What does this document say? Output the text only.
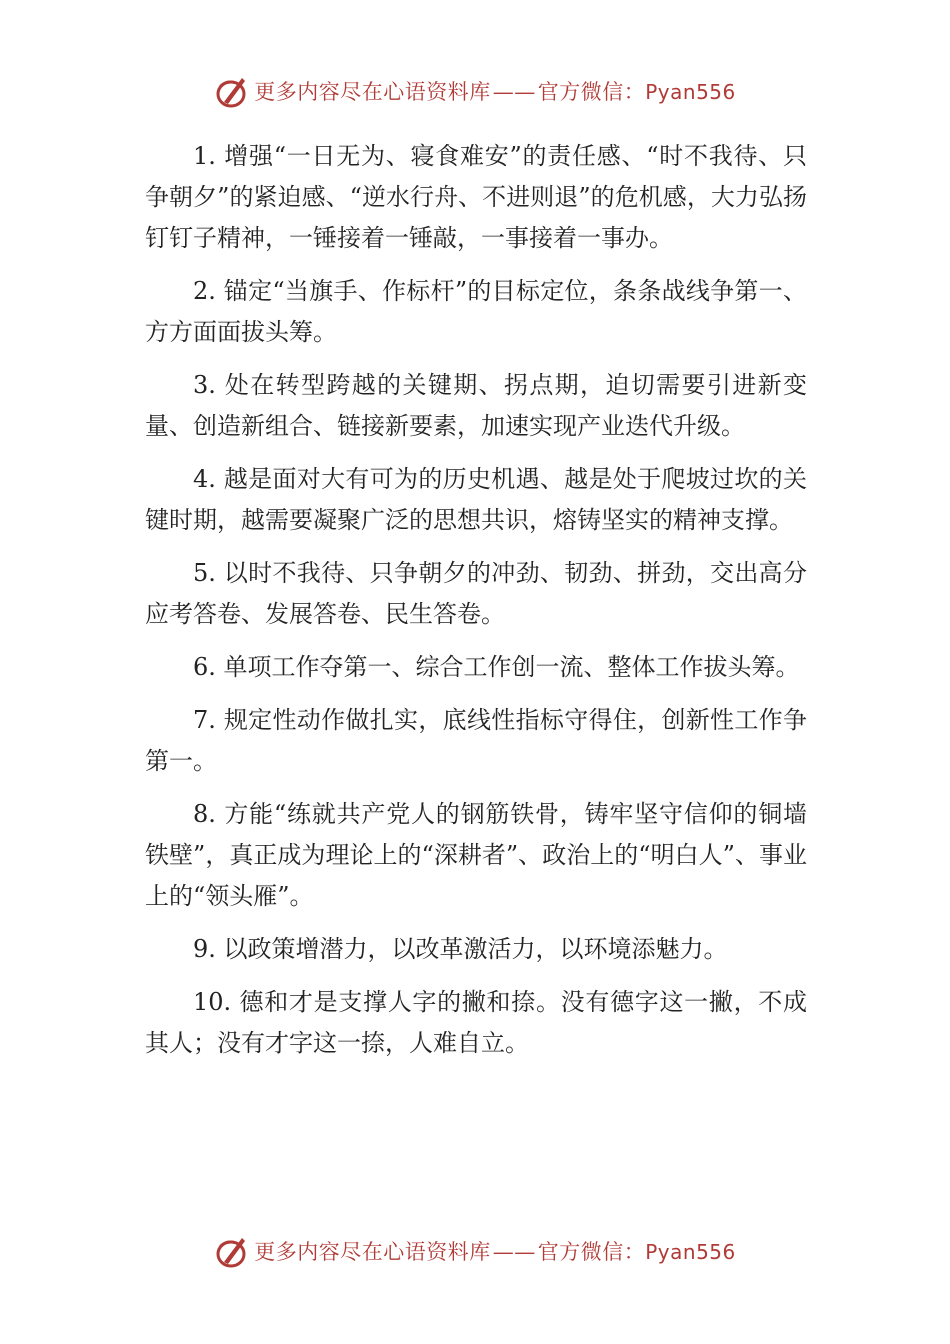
更多内容尽在心语资料库——官方微信：Pyan556

1. 增强“一日无为、寝食难安”的责任感、“时不我待、只争朝夕”的紧迫感、“逆水行舟、不进则退”的危机感，大力弘扬钉钉子精神，一锤接着一锤敲，一事接着一事办。

2. 锚定“当旗手、作标杆”的目标定位，条条战线争第一、方方面面拔头筹。

3. 处在转型跨越的关键期、拐点期，迫切需要引进新变量、创造新组合、链接新要素，加速实现产业迭代升级。

4. 越是面对大有可为的历史机遇、越是处于爬坡过坎的关键时期，越需要凝聚广泛的思想共识，熔铸坚实的精神支撑。

5. 以时不我待、只争朝夕的冲劲、韧劲、拼劲，交出高分应考答卷、发展答卷、民生答卷。

6. 单项工作夺第一、综合工作创一流、整体工作拔头筹。

7. 规定性动作做扎实，底线性指标守得住，创新性工作争第一。

8. 方能“练就共产党人的钢筋铁骨，铸牢坚守信仰的铜墙铁壁”，真正成为理论上的“深耕者”、政治上的“明白人”、事业上的“领头雁”。

9. 以政策增潜力，以改革激活力，以环境添魅力。

10. 德和才是支撑人字的撇和捺。没有德字这一撇，不成其人；没有才字这一捺，人难自立。

更多内容尽在心语资料库——官方微信：Pyan556
